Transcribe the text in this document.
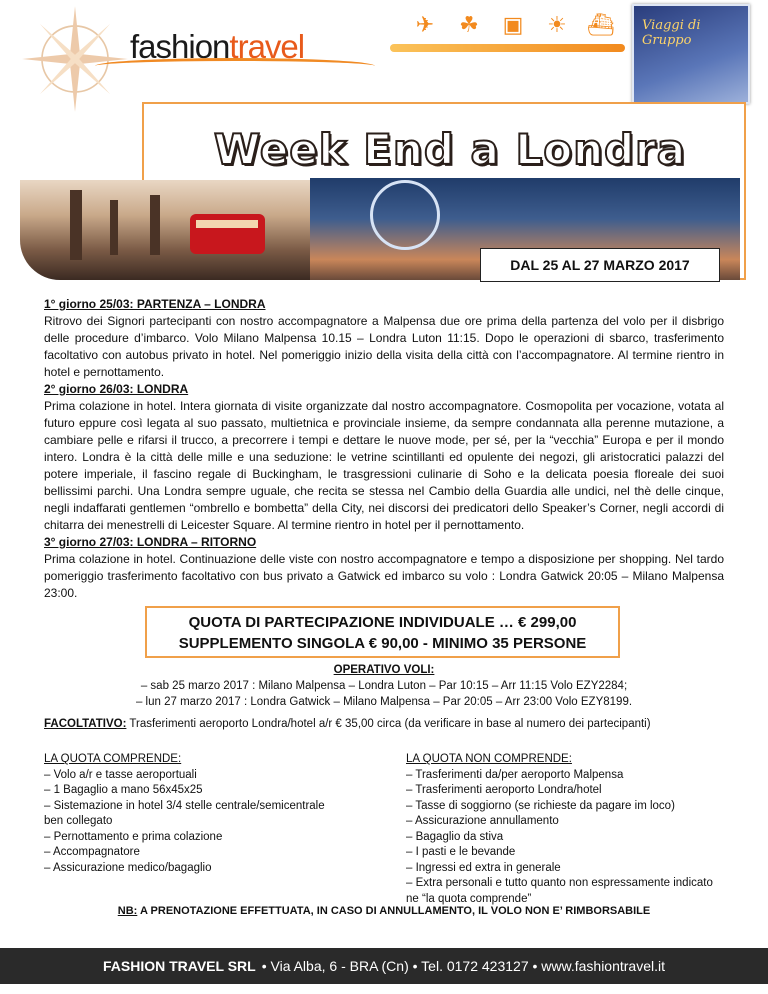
fashiontravel
✈ ☘ ▣ ☀ ⛴ Viaggi di Gruppo
Week End a Londra
DAL 25 AL 27 MARZO 2017
1° giorno 25/03: PARTENZA – LONDRA
Ritrovo dei Signori partecipanti con nostro accompagnatore a Malpensa due ore prima della partenza del volo per il disbrigo delle procedure d’imbarco. Volo Milano Malpensa 10.15 – Londra Luton 11:15. Dopo le operazioni di sbarco, trasferimento facoltativo con autobus privato in hotel. Nel pomeriggio inizio della visita della città con l’accompagnatore. Al termine rientro in hotel e pernottamento.
2° giorno 26/03: LONDRA
Prima colazione in hotel. Intera giornata di visite organizzate dal nostro accompagnatore. Cosmopolita per vocazione, votata al futuro eppure così legata al suo passato, multietnica e provinciale insieme, da sempre condannata alla perenne mutazione, a cambiare pelle e rifarsi il trucco, a precorrere i tempi e dettare le nuove mode, per sé, per la “vecchia” Europa e per il mondo intero. Londra è la città delle mille e una seduzione: le vetrine scintillanti ed opulente dei negozi, gli aristocratici palazzi del potere imperiale, il fascino regale di Buckingham, le trasgressioni culinarie di Soho e la delicata poesia floreale dei suoi bellissimi parchi. Una Londra sempre uguale, che recita se stessa nel Cambio della Guardia alle undici, nel thè delle cinque, negli indaffarati gentlemen “ombrello e bombetta” della City, nei discorsi dei predicatori dello Speaker’s Corner, negli accordi di chitarra dei menestrelli di Leicester Square. Al termine rientro in hotel per il pernottamento.
3° giorno 27/03: LONDRA – RITORNO
Prima colazione in hotel. Continuazione delle viste con nostro accompagnatore e tempo a disposizione per shopping. Nel tardo pomeriggio trasferimento facoltativo con bus privato a Gatwick ed imbarco su volo : Londra Gatwick 20:05 – Milano Malpensa 23:00.
QUOTA DI PARTECIPAZIONE INDIVIDUALE … € 299,00
SUPPLEMENTO SINGOLA € 90,00 - MINIMO 35 PERSONE
OPERATIVO VOLI:
– sab 25 marzo 2017 : Milano Malpensa – Londra Luton – Par 10:15 – Arr 11:15 Volo EZY2284;
– lun 27 marzo 2017 : Londra Gatwick – Milano Malpensa – Par 20:05 – Arr 23:00 Volo EZY8199.
FACOLTATIVO: Trasferimenti aeroporto Londra/hotel a/r € 35,00 circa (da verificare in base al numero dei partecipanti)
LA QUOTA COMPRENDE:
– Volo a/r e tasse aeroportuali
– 1 Bagaglio a mano 56x45x25
– Sistemazione in hotel 3/4 stelle centrale/semicentrale ben collegato
– Pernottamento e prima colazione
– Accompagnatore
– Assicurazione medico/bagaglio
LA QUOTA NON COMPRENDE:
– Trasferimenti da/per aeroporto Malpensa
– Trasferimenti aeroporto Londra/hotel
– Tasse di soggiorno (se richieste da pagare im loco)
– Assicurazione annullamento
– Bagaglio da stiva
– I pasti e le bevande
– Ingressi ed extra in generale
– Extra personali e tutto quanto non espressamente indicato ne “la quota comprende”
NB: A PRENOTAZIONE EFFETTUATA, IN CASO DI ANNULLAMENTO, IL VOLO NON E’ RIMBORSABILE
FASHION TRAVEL SRL • Via Alba, 6 - BRA (Cn) • Tel. 0172 423127 • www.fashiontravel.it
